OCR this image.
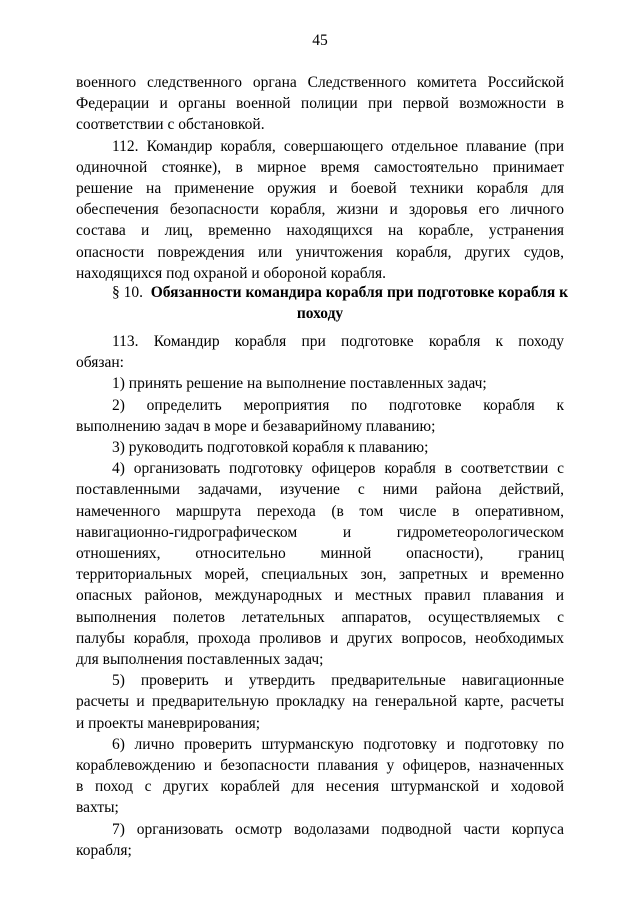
45
военного следственного органа Следственного комитета Российской
Федерации и органы военной полиции при первой возможности в
соответствии с обстановкой.
112. Командир корабля, совершающего отдельное плавание (при
одиночной стоянке), в мирное время самостоятельно принимает
решение на применение оружия и боевой техники корабля для
обеспечения безопасности корабля, жизни и здоровья его личного
состава и лиц, временно находящихся на корабле, устранения
опасности повреждения или уничтожения корабля, других судов,
находящихся под охраной и обороной корабля.
§ 10. Обязанности командира корабля при подготовке корабля к
походу
113. Командир корабля при подготовке корабля к походу
обязан:
1) принять решение на выполнение поставленных задач;
2) определить мероприятия по подготовке корабля к
выполнению задач в море и безаварийному плаванию;
3) руководить подготовкой корабля к плаванию;
4) организовать подготовку офицеров корабля в соответствии с
поставленными задачами, изучение с ними района действий,
намеченного маршрута перехода (в том числе в оперативном,
навигационно-гидрографическом и гидрометеорологическом
отношениях, относительно минной опасности), границ
территориальных морей, специальных зон, запретных и временно
опасных районов, международных и местных правил плавания и
выполнения полетов летательных аппаратов, осуществляемых с
палубы корабля, прохода проливов и других вопросов, необходимых
для выполнения поставленных задач;
5) проверить и утвердить предварительные навигационные
расчеты и предварительную прокладку на генеральной карте, расчеты
и проекты маневрирования;
6) лично проверить штурманскую подготовку и подготовку по
кораблевождению и безопасности плавания у офицеров, назначенных
в поход с других кораблей для несения штурманской и ходовой
вахты;
7) организовать осмотр водолазами подводной части корпуса
корабля;
